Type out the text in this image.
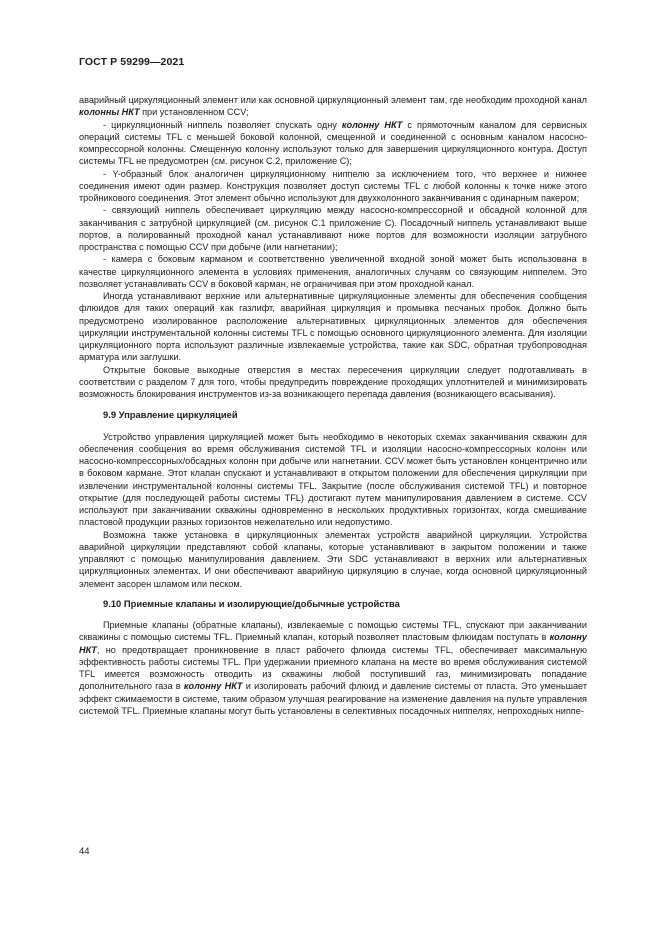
ГОСТ Р 59299—2021

аварийный циркуляционный элемент или как основной циркуляционный элемент там, где необходим проходной канал колонны НКТ при установленном CCV;

- циркуляционный ниппель позволяет спускать одну колонну НКТ с прямоточным каналом для сервисных операций системы TFL с меньшей боковой колонной, смещенной и соединенной с основным каналом насосно-компрессорной колонны. Смещенную колонну используют только для завершения циркуляционного контура. Доступ системы TFL не предусмотрен (см. рисунок С.2, приложение С);

- Y-образный блок аналогичен циркуляционному ниппелю за исключением того, что верхнее и нижнее соединения имеют один размер. Конструкция позволяет доступ системы TFL с любой колонны к точке ниже этого тройникового соединения. Этот элемент обычно используют для двухколонного заканчивания с одинарным пакером;

- связующий ниппель обеспечивает циркуляцию между насосно-компрессорной и обсадной колонной для заканчивания с затрубной циркуляцией (см. рисунок С.1 приложение С). Посадочный ниппель устанавливают выше портов, а полированный проходной канал устанавливают ниже портов для возможности изоляции затрубного пространства с помощью CCV при добыче (или нагнетании);

- камера с боковым карманом и соответственно увеличенной входной зоной может быть использована в качестве циркуляционного элемента в условиях применения, аналогичных случаям со связующим ниппелем. Это позволяет устанавливать CCV в боковой карман, не ограничивая при этом проходной канал.

Иногда устанавливают верхние или альтернативные циркуляционные элементы для обеспечения сообщения флюидов для таких операций как газлифт, аварийная циркуляция и промывка песчаных пробок. Должно быть предусмотрено изолированное расположение альтернативных циркуляционных элементов для обеспечения циркуляции инструментальной колонны системы TFL с помощью основного циркуляционного элемента. Для изоляции циркуляционного порта используют различные извлекаемые устройства, такие как SDC, обратная трубопроводная арматура или заглушки.

Открытые боковые выходные отверстия в местах пересечения циркуляции следует подготавливать в соответствии с разделом 7 для того, чтобы предупредить повреждение проходящих уплотнителей и минимизировать возможность блокирования инструментов из-за возникающего перепада давления (возникающего всасывания).

9.9 Управление циркуляцией

Устройство управления циркуляцией может быть необходимо в некоторых схемах заканчивания скважин для обеспечения сообщения во время обслуживания системой TFL и изоляции насосно-компрессорных колонн или насосно-компрессорных/обсадных колонн при добыче или нагнетании. CCV может быть установлен концентрично или в боковом кармане. Этот клапан спускают и устанавливают в открытом положении для обеспечения циркуляции при извлечении инструментальной колонны системы TFL. Закрытие (после обслуживания системой TFL) и повторное открытие (для последующей работы системы TFL) достигают путем манипулирования давлением в системе. CCV используют при заканчивании скважины одновременно в нескольких продуктивных горизонтах, когда смешивание пластовой продукции разных горизонтов нежелательно или недопустимо.

Возможна также установка в циркуляционных элементах устройств аварийной циркуляции. Устройства аварийной циркуляции представляют собой клапаны, которые устанавливают в закрытом положении и также управляют с помощью манипулирования давлением. Эти SDC устанавливают в верхних или альтернативных циркуляционных элементах. И они обеспечивают аварийную циркуляцию в случае, когда основной циркуляционный элемент засорен шламом или песком.

9.10 Приемные клапаны и изолирующие/добычные устройства

Приемные клапаны (обратные клапаны), извлекаемые с помощью системы TFL, спускают при заканчивании скважины с помощью системы TFL. Приемный клапан, который позволяет пластовым флюидам поступать в колонну НКТ, но предотвращает проникновение в пласт рабочего флюида системы TFL, обеспечивает максимальную эффективность работы системы TFL. При удержании приемного клапана на месте во время обслуживания системой TFL имеется возможность отводить из скважины любой поступивший газ, минимизировать попадание дополнительного газа в колонну НКТ и изолировать рабочий флюид и давление системы от пласта. Это уменьшает эффект сжимаемости в системе, таким образом улучшая реагирование на изменение давления на пульте управления системой TFL. Приемные клапаны могут быть установлены в селективных посадочных ниппелях, непроходных ниппе-

44
